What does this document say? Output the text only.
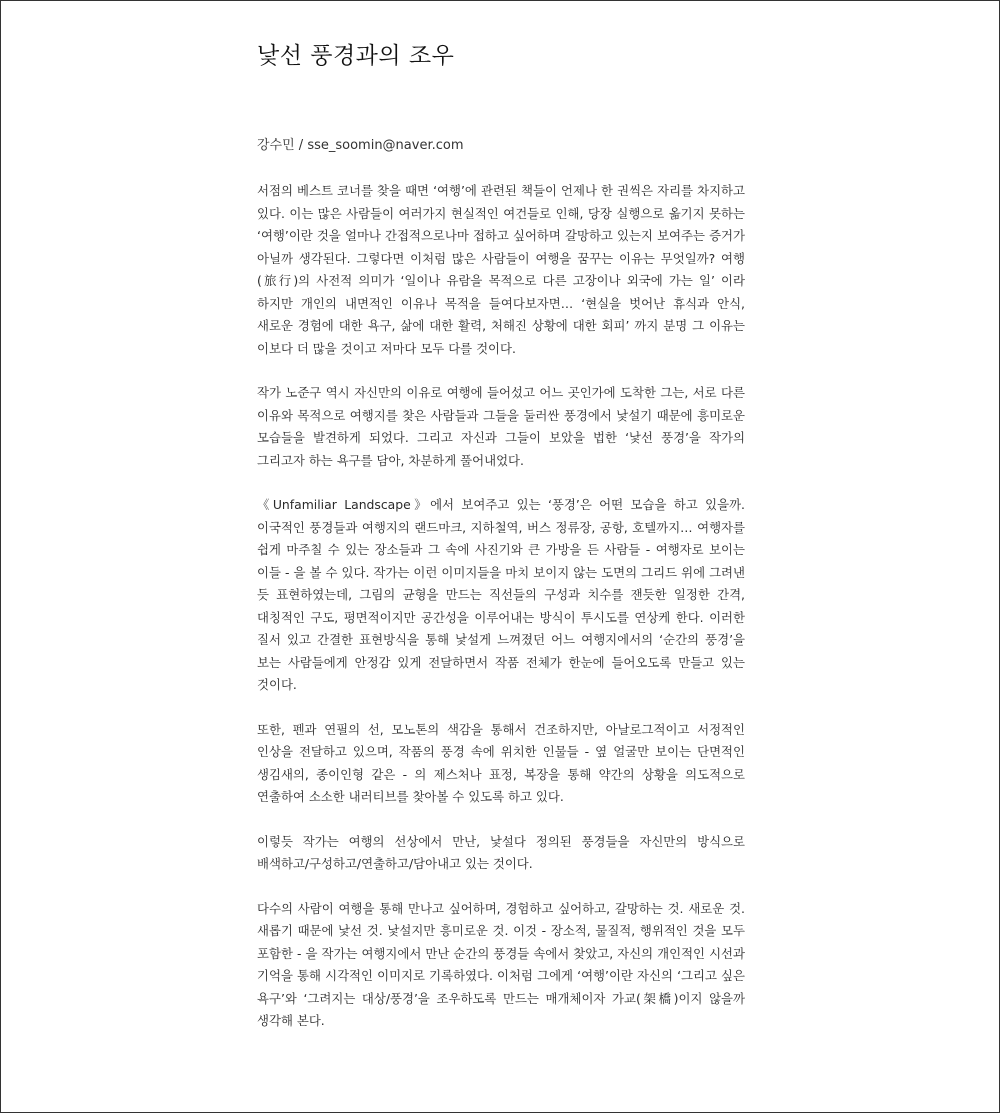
낯선 풍경과의 조우

강수민 / sse_soomin@naver.com

서점의 베스트 코너를 찾을 때면 ‘여행’에 관련된 책들이 언제나 한 권씩은 자리를 차지하고 있다. 이는 많은 사람들이 여러가지 현실적인 여건들로 인해, 당장 실행으로 옮기지 못하는 ‘여행’이란 것을 얼마나 간접적으로나마 접하고 싶어하며 갈망하고 있는지 보여주는 증거가 아닐까 생각된다. 그렇다면 이처럼 많은 사람들이 여행을 꿈꾸는 이유는 무엇일까? 여행(旅行)의 사전적 의미가 ‘일이나 유람을 목적으로 다른 고장이나 외국에 가는 일’ 이라 하지만 개인의 내면적인 이유나 목적을 들여다보자면… ‘현실을 벗어난 휴식과 안식, 새로운 경험에 대한 욕구, 삶에 대한 활력, 처해진 상황에 대한 회피’ 까지 분명 그 이유는 이보다 더 많을 것이고 저마다 모두 다를 것이다.

작가 노준구 역시 자신만의 이유로 여행에 들어섰고 어느 곳인가에 도착한 그는, 서로 다른 이유와 목적으로 여행지를 찾은 사람들과 그들을 둘러싼 풍경에서 낯설기 때문에 흥미로운 모습들을 발견하게 되었다. 그리고 자신과 그들이 보았을 법한 ‘낯선 풍경’을 작가의 그리고자 하는 욕구를 담아, 차분하게 풀어내었다.

《Unfamiliar Landscape》에서 보여주고 있는 ‘풍경’은 어떤 모습을 하고 있을까. 이국적인 풍경들과 여행지의 랜드마크, 지하철역, 버스 정류장, 공항, 호텔까지… 여행자를 쉽게 마주칠 수 있는 장소들과 그 속에 사진기와 큰 가방을 든 사람들 - 여행자로 보이는 이들 - 을 볼 수 있다. 작가는 이런 이미지들을 마치 보이지 않는 도면의 그리드 위에 그려낸 듯 표현하였는데, 그림의 균형을 만드는 직선들의 구성과 치수를 잰듯한 일정한 간격, 대칭적인 구도, 평면적이지만 공간성을 이루어내는 방식이 투시도를 연상케 한다. 이러한 질서 있고 간결한 표현방식을 통해 낯설게 느껴졌던 어느 여행지에서의 ‘순간의 풍경’을 보는 사람들에게 안정감 있게 전달하면서 작품 전체가 한눈에 들어오도록 만들고 있는 것이다.

또한, 펜과 연필의 선, 모노톤의 색감을 통해서 건조하지만, 아날로그적이고 서정적인 인상을 전달하고 있으며, 작품의 풍경 속에 위치한 인물들 - 옆 얼굴만 보이는 단면적인 생김새의, 종이인형 같은 - 의 제스처나 표정, 복장을 통해 약간의 상황을 의도적으로 연출하여 소소한 내러티브를 찾아볼 수 있도록 하고 있다.

이렇듯 작가는 여행의 선상에서 만난, 낯설다 정의된 풍경들을 자신만의 방식으로 배색하고/구성하고/연출하고/담아내고 있는 것이다.

다수의 사람이 여행을 통해 만나고 싶어하며, 경험하고 싶어하고, 갈망하는 것. 새로운 것. 새롭기 때문에 낯선 것. 낯설지만 흥미로운 것. 이것 - 장소적, 물질적, 행위적인 것을 모두 포함한 - 을 작가는 여행지에서 만난 순간의 풍경들 속에서 찾았고, 자신의 개인적인 시선과 기억을 통해 시각적인 이미지로 기록하였다. 이처럼 그에게 ‘여행’이란 자신의 ‘그리고 싶은 욕구’와 ‘그려지는 대상/풍경’을 조우하도록 만드는 매개체이자 가교(架橋)이지 않을까 생각해 본다.
